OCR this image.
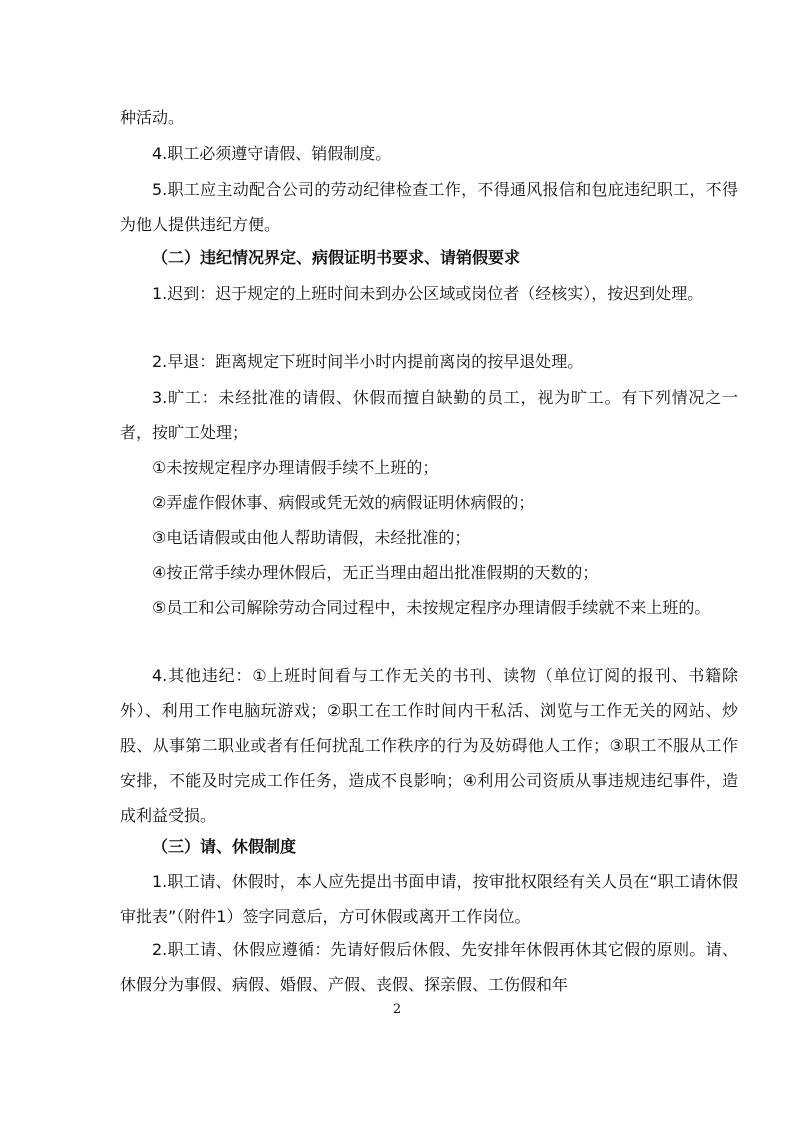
种活动。

4.职工必须遵守请假、销假制度。

5.职工应主动配合公司的劳动纪律检查工作，不得通风报信和包庇违纪职工，不得为他人提供违纪方便。

（二）违纪情况界定、病假证明书要求、请销假要求

1.迟到：迟于规定的上班时间未到办公区域或岗位者（经核实），按迟到处理。

2.早退：距离规定下班时间半小时内提前离岗的按早退处理。

3.旷工：未经批准的请假、休假而擅自缺勤的员工，视为旷工。有下列情况之一者，按旷工处理；

①未按规定程序办理请假手续不上班的；

②弄虚作假休事、病假或凭无效的病假证明休病假的；

③电话请假或由他人帮助请假，未经批准的；

④按正常手续办理休假后，无正当理由超出批准假期的天数的；

⑤员工和公司解除劳动合同过程中，未按规定程序办理请假手续就不来上班的。

4.其他违纪：①上班时间看与工作无关的书刊、读物（单位订阅的报刊、书籍除外）、利用工作电脑玩游戏；②职工在工作时间内干私活、浏览与工作无关的网站、炒股、从事第二职业或者有任何扰乱工作秩序的行为及妨碍他人工作；③职工不服从工作安排，不能及时完成工作任务，造成不良影响；④利用公司资质从事违规违纪事件，造成利益受损。

（三）请、休假制度

1.职工请、休假时，本人应先提出书面申请，按审批权限经有关人员在“职工请休假审批表”（附件1）签字同意后，方可休假或离开工作岗位。

2.职工请、休假应遵循：先请好假后休假、先安排年休假再休其它假的原则。请、休假分为事假、病假、婚假、产假、丧假、探亲假、工伤假和年

2
